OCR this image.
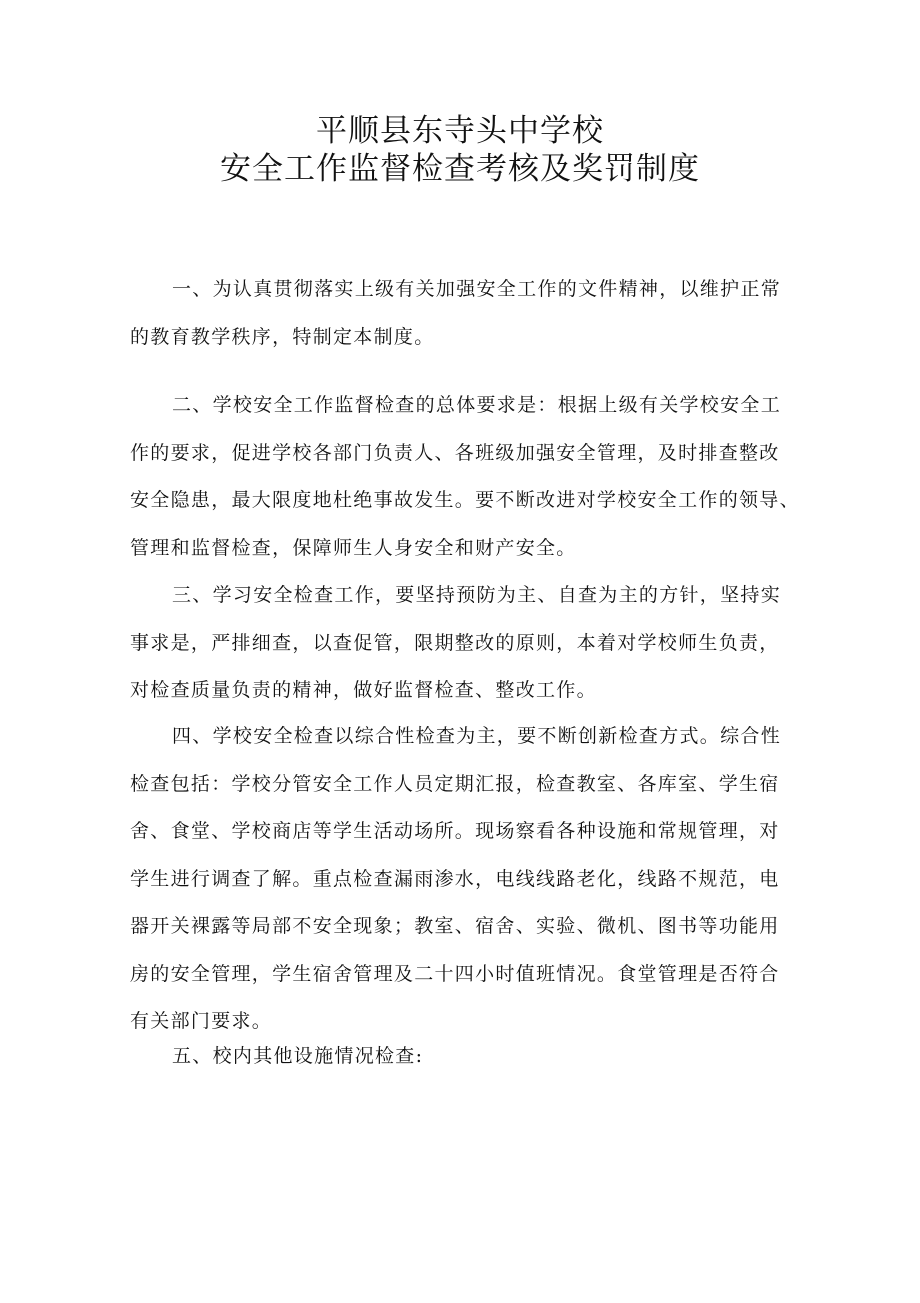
平顺县东寺头中学校
安全工作监督检查考核及奖罚制度

一、为认真贯彻落实上级有关加强安全工作的文件精神，以维护正常

的教育教学秩序，特制定本制度。

二、学校安全工作监督检查的总体要求是：根据上级有关学校安全工

作的要求，促进学校各部门负责人、各班级加强安全管理，及时排查整改
安全隐患，最大限度地杜绝事故发生。要不断改进对学校安全工作的领导、
管理和监督检查，保障师生人身安全和财产安全。

三、学习安全检查工作，要坚持预防为主、自查为主的方针，坚持实

事求是，严排细查，以查促管，限期整改的原则，本着对学校师生负责，
对检查质量负责的精神，做好监督检查、整改工作。

四、学校安全检查以综合性检查为主，要不断创新检查方式。综合性

检查包括：学校分管安全工作人员定期汇报，检查教室、各库室、学生宿
舍、食堂、学校商店等学生活动场所。现场察看各种设施和常规管理，对
学生进行调查了解。重点检查漏雨渗水，电线线路老化，线路不规范，电
器开关裸露等局部不安全现象；教室、宿舍、实验、微机、图书等功能用
房的安全管理，学生宿舍管理及二十四小时值班情况。食堂管理是否符合
有关部门要求。

五、校内其他设施情况检查:
